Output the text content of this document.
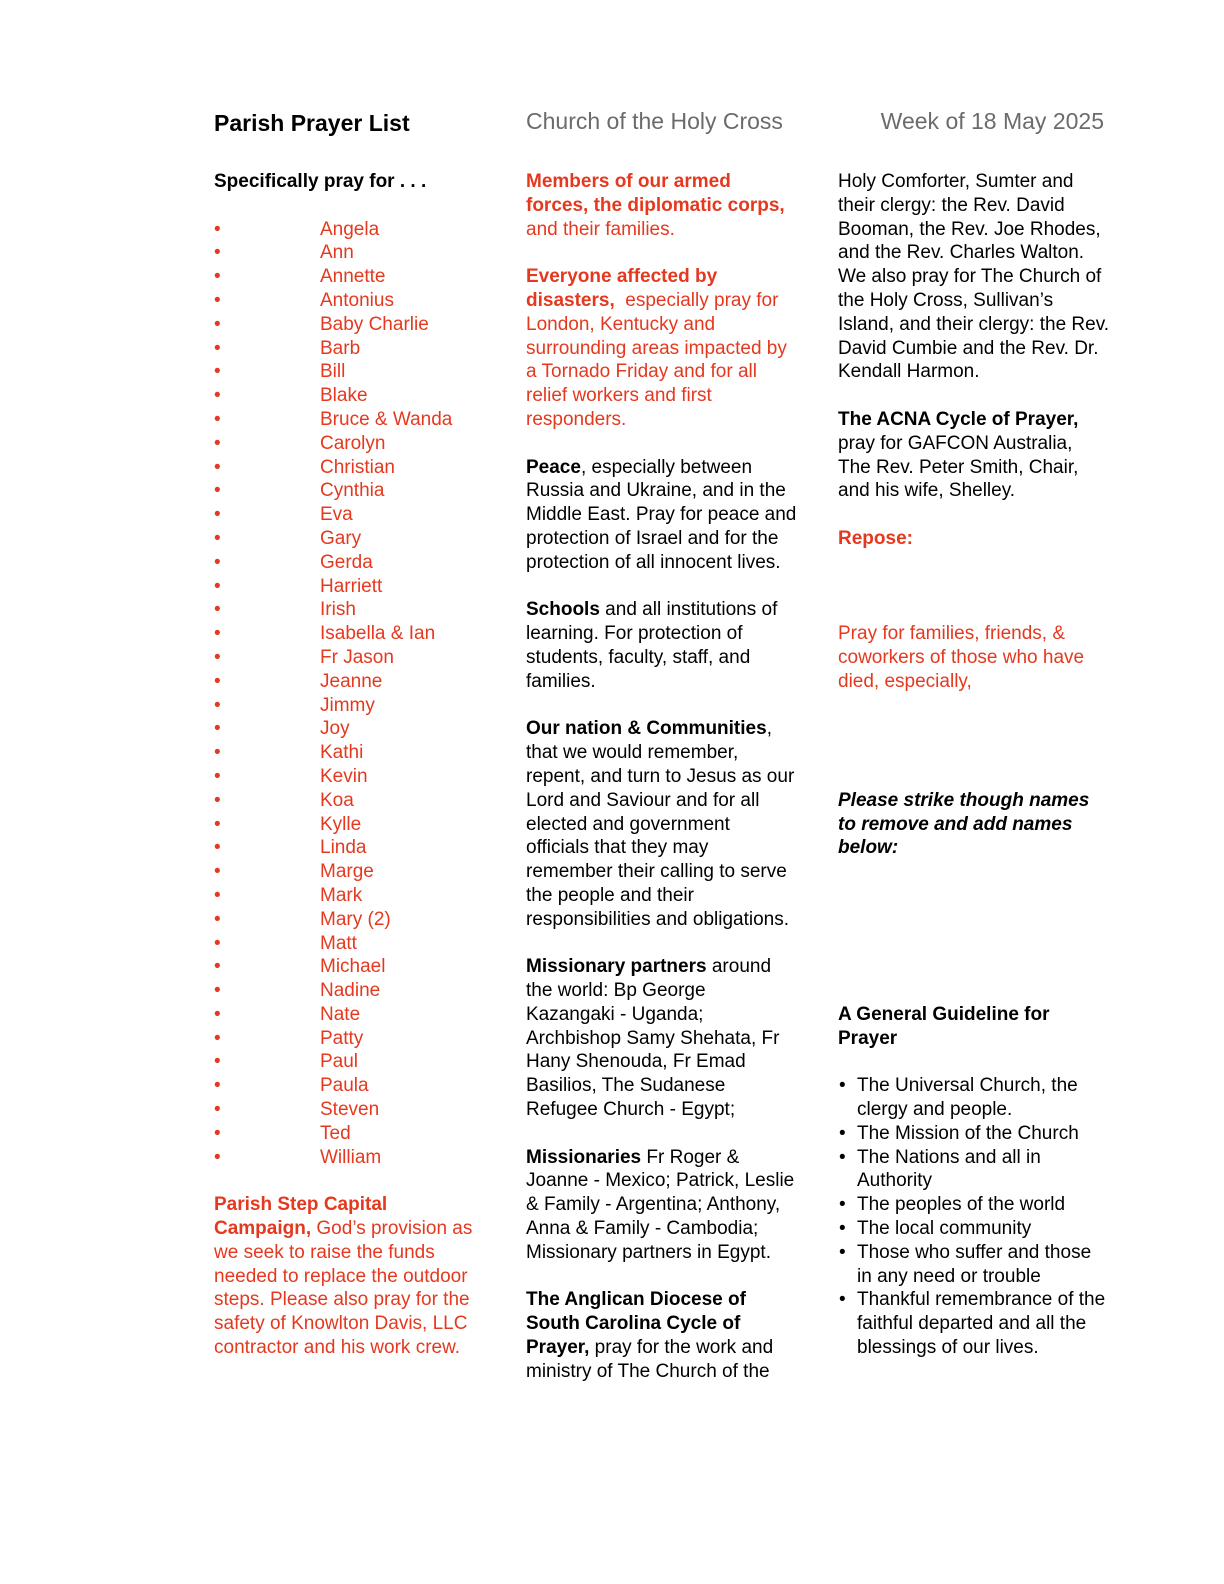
Parish Prayer List	Church of the Holy Cross	Week of 18 May 2025
Specifically pray for . . .
•	Angela
•	Ann
•	Annette
•	Antonius
•	Baby Charlie
•	Barb
•	Bill
•	Blake
•	Bruce & Wanda
•	Carolyn
•	Christian
•	Cynthia
•	Eva
•	Gary
•	Gerda
•	Harriett
•	Irish
•	Isabella & Ian
•	Fr Jason
•	Jeanne
•	Jimmy
•	Joy
•	Kathi
•	Kevin
•	Koa
•	Kylle
•	Linda
•	Marge
•	Mark
•	Mary (2)
•	Matt
•	Michael
•	Nadine
•	Nate
•	Patty
•	Paul
•	Paula
•	Steven
•	Ted
•	William
Parish Step Capital Campaign, God’s provision as we seek to raise the funds needed to replace the outdoor steps. Please also pray for the safety of Knowlton Davis, LLC contractor and his work crew.
Members of our armed forces, the diplomatic corps, and their families.
Everyone affected by disasters,  especially pray for London, Kentucky and surrounding areas impacted by a Tornado Friday and for all relief workers and first responders.
Peace, especially between Russia and Ukraine, and in the Middle East. Pray for peace and protection of Israel and for the protection of all innocent lives.
Schools and all institutions of learning. For protection of students, faculty, staff, and families.
Our nation & Communities, that we would remember, repent, and turn to Jesus as our Lord and Saviour and for all elected and government officials that they may remember their calling to serve the people and their responsibilities and obligations.
Missionary partners around the world: Bp George Kazangaki - Uganda; Archbishop Samy Shehata, Fr Hany Shenouda, Fr Emad Basilios, The Sudanese Refugee Church - Egypt;
Missionaries Fr Roger & Joanne - Mexico; Patrick, Leslie & Family - Argentina; Anthony, Anna & Family - Cambodia;  Missionary partners in Egypt.
The Anglican Diocese of South Carolina Cycle of Prayer, pray for the work and ministry of The Church of the
Holy Comforter, Sumter and their clergy: the Rev. David Booman, the Rev. Joe Rhodes, and the Rev. Charles Walton. We also pray for The Church of the Holy Cross, Sullivan’s Island, and their clergy: the Rev. David Cumbie and the Rev. Dr. Kendall Harmon.
The ACNA Cycle of Prayer, pray for GAFCON Australia, The Rev. Peter Smith, Chair, and his wife, Shelley.
Repose:
Pray for families, friends, & coworkers of those who have died, especially,
Please strike though names to remove and add names below:
A General Guideline for Prayer
• The Universal Church, the clergy and people.
• The Mission of the Church
• The Nations and all in Authority
• The peoples of the world
• The local community
• Those who suffer and those in any need or trouble
• Thankful remembrance of the faithful departed and all the blessings of our lives.
